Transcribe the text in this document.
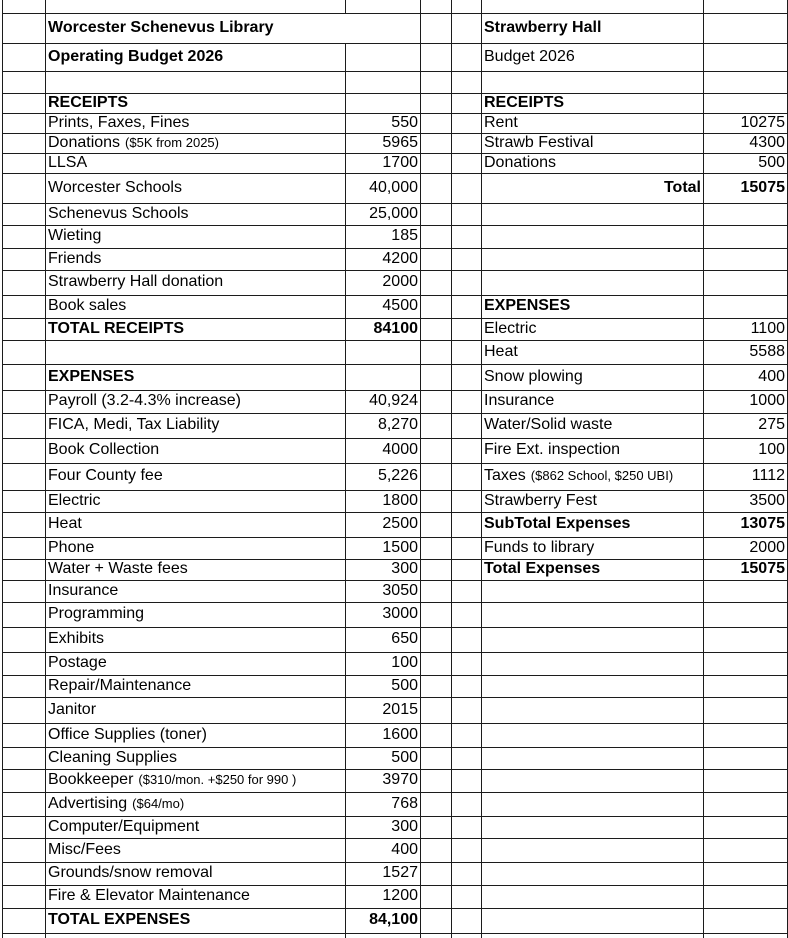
	Worcester Schenevus Library				Strawberry Hall	
	Operating Budget 2026				Budget 2026	

	RECEIPTS				RECEIPTS	
	Prints, Faxes, Fines	550			Rent	10275
	Donations ($5K from 2025)	5965			Strawb Festival	4300
	LLSA	1700			Donations	500
	Worcester Schools	40,000			Total	15075
	Schenevus Schools	25,000				
	Wieting	185				
	Friends	4200				
	Strawberry Hall donation	2000				
	Book sales	4500			EXPENSES	
	TOTAL RECEIPTS	84100			Electric	1100
					Heat	5588
	EXPENSES				Snow plowing	400
	Payroll (3.2-4.3% increase)	40,924			Insurance	1000
	FICA, Medi, Tax Liability	8,270			Water/Solid waste	275
	Book Collection	4000			Fire Ext. inspection	100
	Four County fee	5,226			Taxes ($862 School, $250 UBI)	1112
	Electric	1800			Strawberry Fest	3500
	Heat	2500			SubTotal Expenses	13075
	Phone	1500			Funds to library	2000
	Water + Waste fees	300			Total Expenses	15075
	Insurance	3050				
	Programming	3000				
	Exhibits	650				
	Postage	100				
	Repair/Maintenance	500				
	Janitor	2015				
	Office Supplies (toner)	1600				
	Cleaning Supplies	500				
	Bookkeeper ($310/mon. +$250 for 990 )	3970				
	Advertising ($64/mo)	768				
	Computer/Equipment	300				
	Misc/Fees	400				
	Grounds/snow removal	1527				
	Fire & Elevator Maintenance	1200				
	TOTAL EXPENSES	84,100				
